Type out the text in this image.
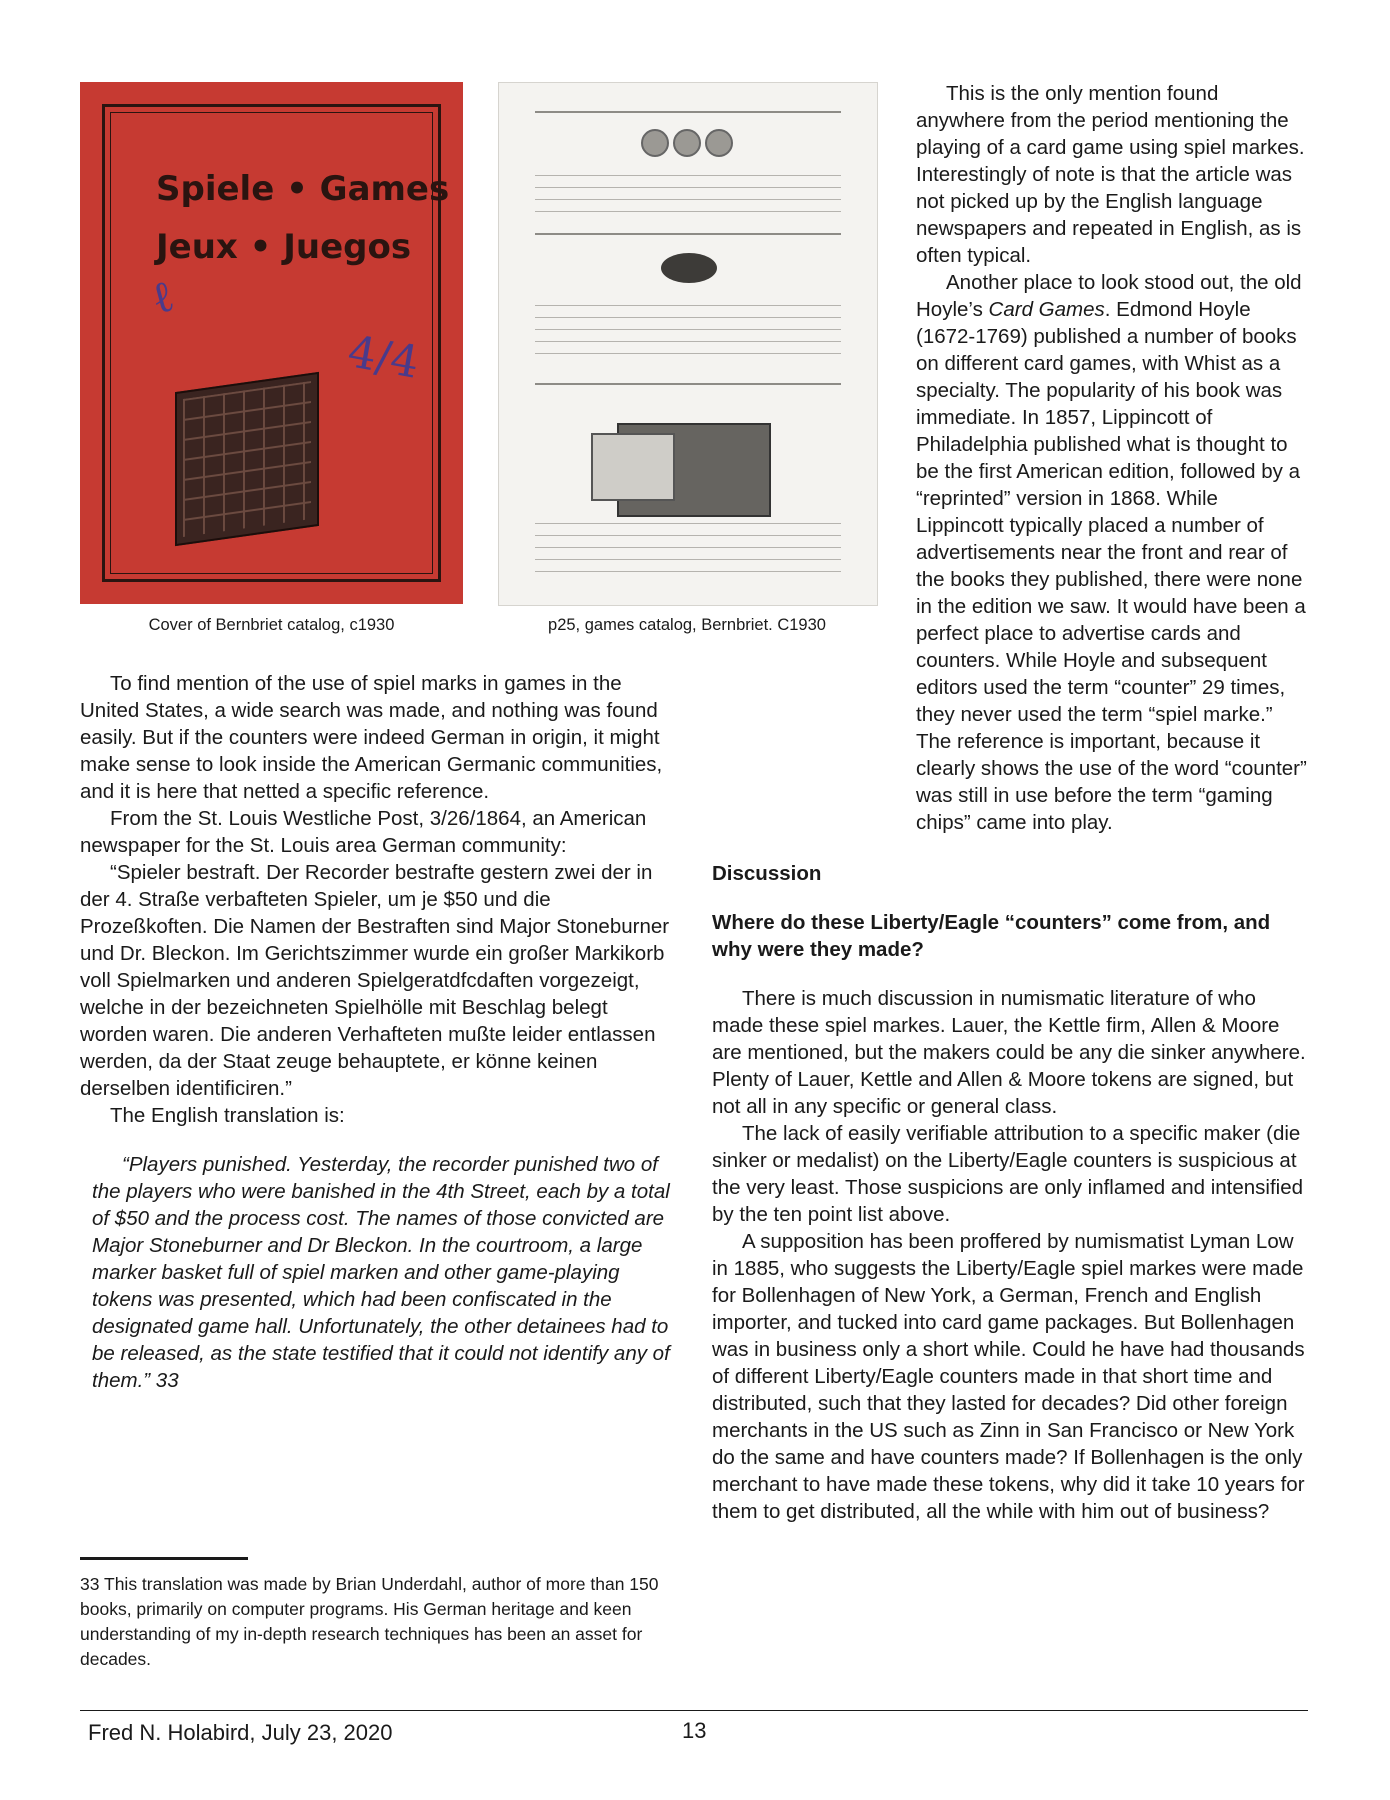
Spiele • Games
Jeux • Juegos
ℓ
4/4
Cover of Bernbriet catalog, c1930	p25, games catalog, Bernbriet. C1930

This is the only mention found anywhere from the period mentioning the playing of a card game using spiel markes. Interestingly of note is that the article was not picked up by the English language newspapers and repeated in English, as is often typical.

Another place to look stood out, the old Hoyle’s Card Games. Edmond Hoyle (1672-1769) published a number of books on different card games, with Whist as a specialty. The popularity of his book was immediate. In 1857, Lippincott of Philadelphia published what is thought to be the first American edition, followed by a “reprinted” version in 1868. While Lippincott typically placed a number of advertisements near the front and rear of the books they published, there were none in the edition we saw. It would have been a perfect place to advertise cards and counters. While Hoyle and subsequent editors used the term “counter” 29 times, they never used the term “spiel marke.” The reference is important, because it clearly shows the use of the word “counter” was still in use before the term “gaming chips” came into play.

To find mention of the use of spiel marks in games in the United States, a wide search was made, and nothing was found easily. But if the counters were indeed German in origin, it might make sense to look inside the American Germanic communities, and it is here that netted a specific reference.

From the St. Louis Westliche Post, 3/26/1864, an American newspaper for the St. Louis area German community:

“Spieler bestraft. Der Recorder bestrafte gestern zwei der in der 4. Straße verbafteten Spieler, um je $50 und die Prozeßkoften. Die Namen der Bestraften sind Major Stoneburner und Dr. Bleckon. Im Gerichtszimmer wurde ein großer Markikorb voll Spielmarken und anderen Spielgeratdfcdaften vorgezeigt, welche in der bezeichneten Spielhölle mit Beschlag belegt worden waren. Die anderen Verhafteten mußte leider entlassen werden, da der Staat zeuge behauptete, er könne keinen derselben identificiren.”

The English translation is:

“Players punished. Yesterday, the recorder punished two of the players who were banished in the 4th Street, each by a total of $50 and the process cost. The names of those convicted are Major Stoneburner and Dr Bleckon. In the courtroom, a large marker basket full of spiel marken and other game-playing tokens was presented, which had been confiscated in the designated game hall. Unfortunately, the other detainees had to be released, as the state testified that it could not identify any of them.” 33

33 This translation was made by Brian Underdahl, author of more than 150 books, primarily on computer programs. His German heritage and keen understanding of my in-depth research techniques has been an asset for decades.

Discussion

Where do these Liberty/Eagle “counters” come from, and why were they made?

There is much discussion in numismatic literature of who made these spiel markes. Lauer, the Kettle firm, Allen & Moore are mentioned, but the makers could be any die sinker anywhere. Plenty of Lauer, Kettle and Allen & Moore tokens are signed, but not all in any specific or general class.

The lack of easily verifiable attribution to a specific maker (die sinker or medalist) on the Liberty/Eagle counters is suspicious at the very least. Those suspicions are only inflamed and intensified by the ten point list above.

A supposition has been proffered by numismatist Lyman Low in 1885, who suggests the Liberty/Eagle spiel markes were made for Bollenhagen of New York, a German, French and English importer, and tucked into card game packages. But Bollenhagen was in business only a short while. Could he have had thousands of different Liberty/Eagle counters made in that short time and distributed, such that they lasted for decades? Did other foreign merchants in the US such as Zinn in San Francisco or New York do the same and have counters made? If Bollenhagen is the only merchant to have made these tokens, why did it take 10 years for them to get distributed, all the while with him out of business?

Fred N. Holabird, July 23, 2020	13
